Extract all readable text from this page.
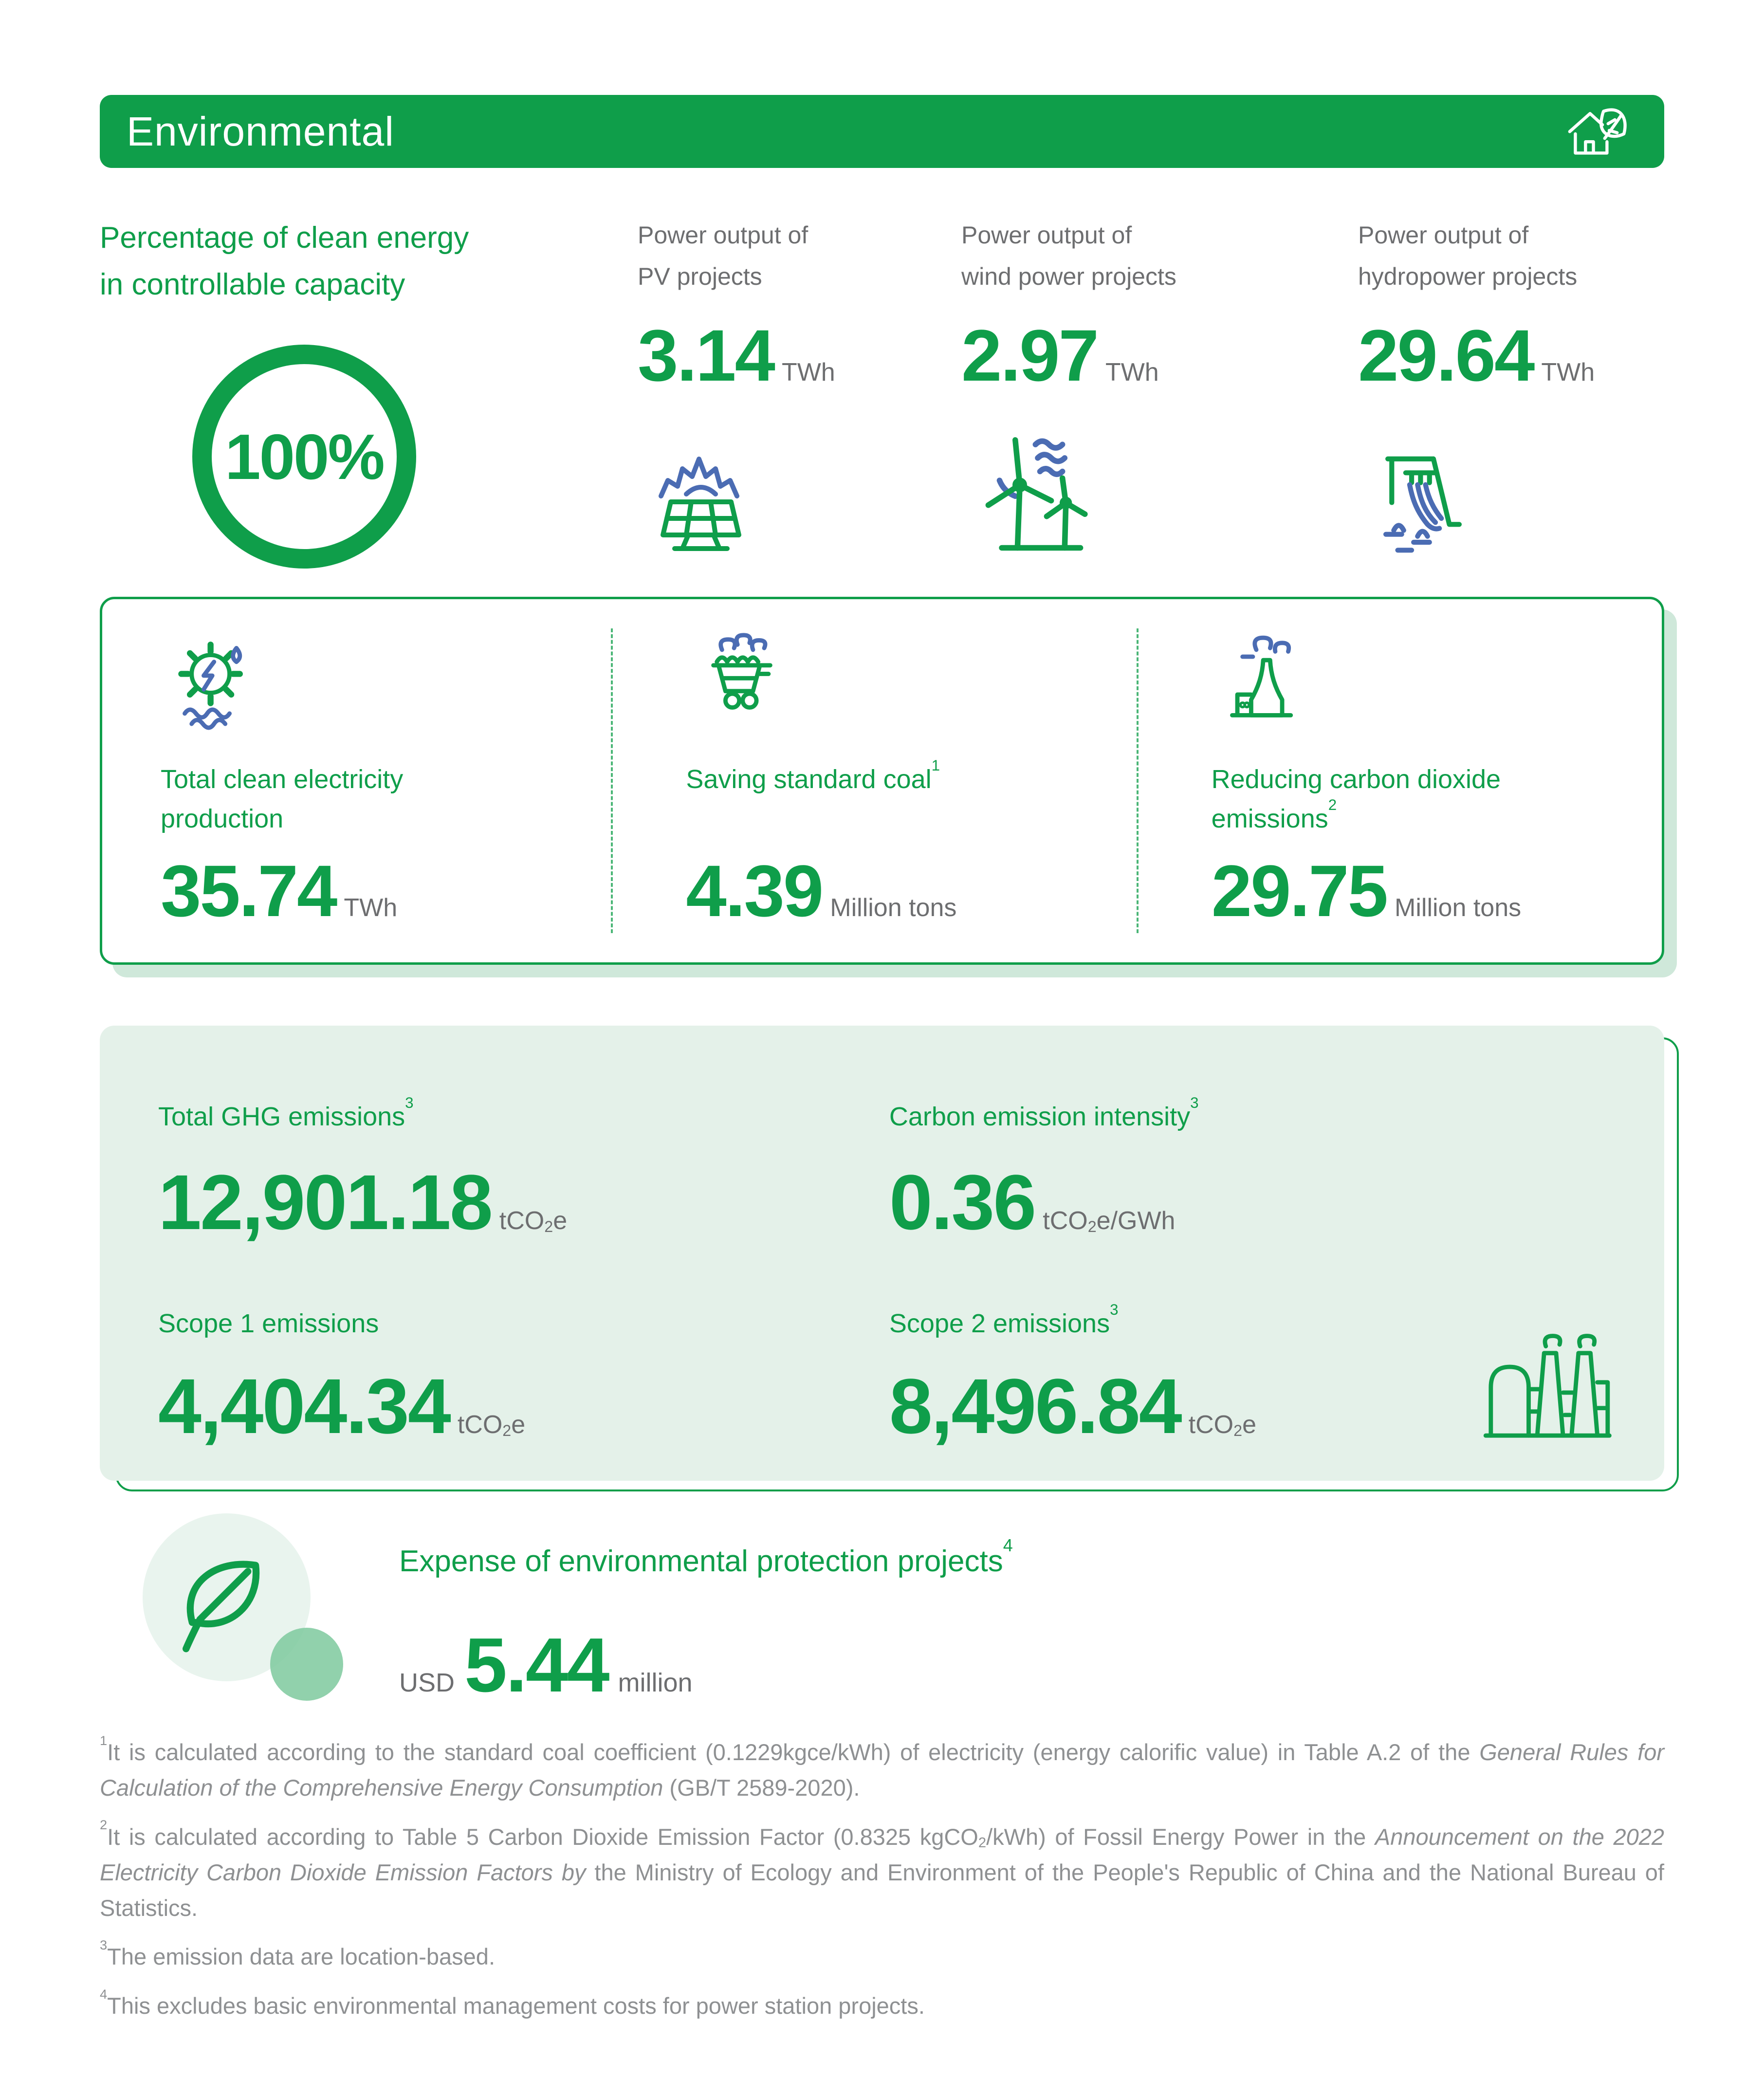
Environmental
Percentage of clean energy
in controllable capacity
100%
Power output of
PV projects
3.14 TWh
Power output of
wind power projects
2.97 TWh
Power output of
hydropower projects
29.64 TWh
Total clean electricity production
35.74 TWh
Saving standard coal$^1$
4.39 Million tons
Reducing carbon dioxide emissions$^2$
29.75 Million tons
Total GHG emissions$^3$
12,901.18 tCO2e
Carbon emission intensity$^3$
0.36 tCO2e/GWh
Scope 1 emissions
4,404.34 tCO2e
Scope 2 emissions$^3$
8,496.84 tCO2e
Expense of environmental protection projects$^4$
USD 5.44 million

$^1$It is calculated according to the standard coal coefficient (0.1229kgce/kWh) of electricity (energy calorific value) in Table A.2 of the General Rules for Calculation of the Comprehensive Energy Consumption (GB/T 2589-2020).

$^2$It is calculated according to Table 5 Carbon Dioxide Emission Factor (0.8325 kgCO2/kWh) of Fossil Energy Power in the Announcement on the 2022 Electricity Carbon Dioxide Emission Factors by the Ministry of Ecology and Environment of the People's Republic of China and the National Bureau of Statistics.

$^3$The emission data are location-based.

$^4$This excludes basic environmental management costs for power station projects.
